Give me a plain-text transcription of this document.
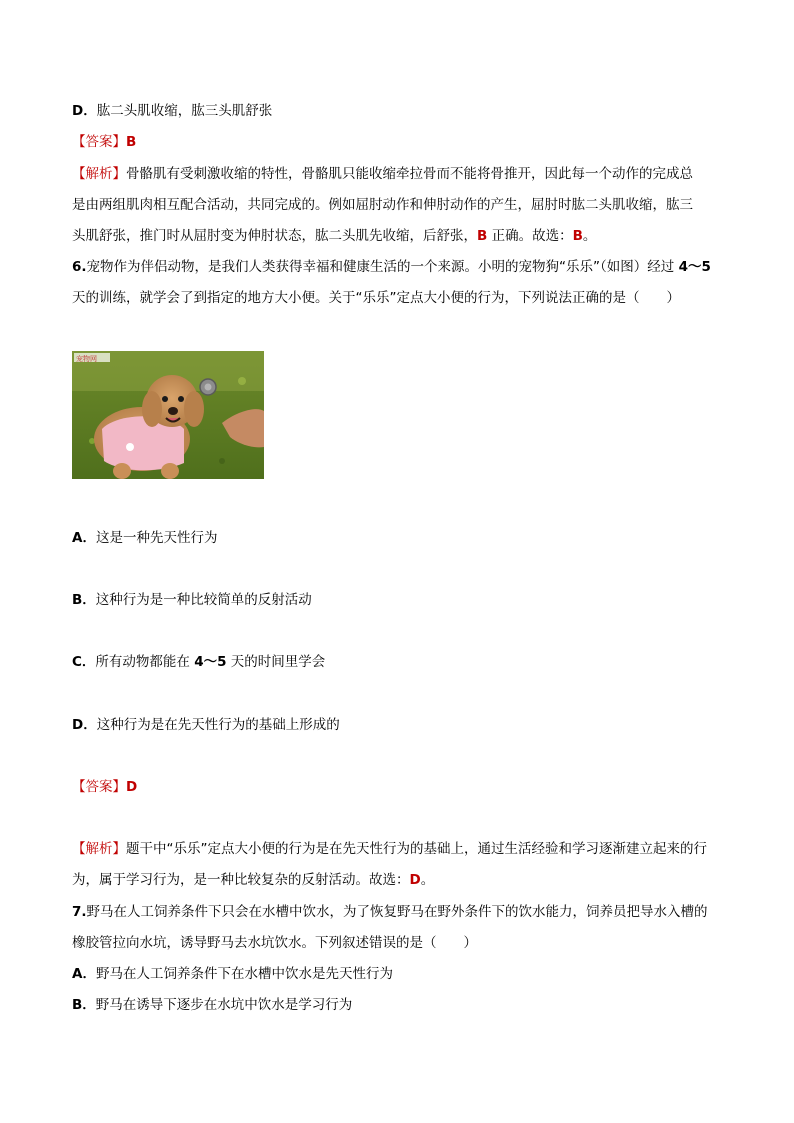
D．肱二头肌收缩，肱三头肌舒张
【答案】B
【解析】骨骼肌有受刺激收缩的特性，骨骼肌只能收缩牵拉骨而不能将骨推开，因此每一个动作的完成总
是由两组肌肉相互配合活动，共同完成的。例如屈肘动作和伸肘动作的产生，屈肘时肱二头肌收缩，肱三
头肌舒张，推门时从屈肘变为伸肘状态，肱二头肌先收缩，后舒张，B 正确。故选：B。
6.宠物作为伴侣动物，是我们人类获得幸福和健康生活的一个来源。小明的宠物狗“乐乐”（如图）经过 4～5
天的训练，就学会了到指定的地方大小便。关于“乐乐”定点大小便的行为，下列说法正确的是（　　）
宠物网
A．这是一种先天性行为
B．这种行为是一种比较简单的反射活动
C．所有动物都能在 4～5 天的时间里学会
D．这种行为是在先天性行为的基础上形成的
【答案】D
【解析】题干中“乐乐”定点大小便的行为是在先天性行为的基础上，通过生活经验和学习逐渐建立起来的行
为，属于学习行为，是一种比较复杂的反射活动。故选：D。
7.野马在人工饲养条件下只会在水槽中饮水，为了恢复野马在野外条件下的饮水能力，饲养员把导水入槽的
橡胶管拉向水坑，诱导野马去水坑饮水。下列叙述错误的是（　　）
A．野马在人工饲养条件下在水槽中饮水是先天性行为
B．野马在诱导下逐步在水坑中饮水是学习行为
